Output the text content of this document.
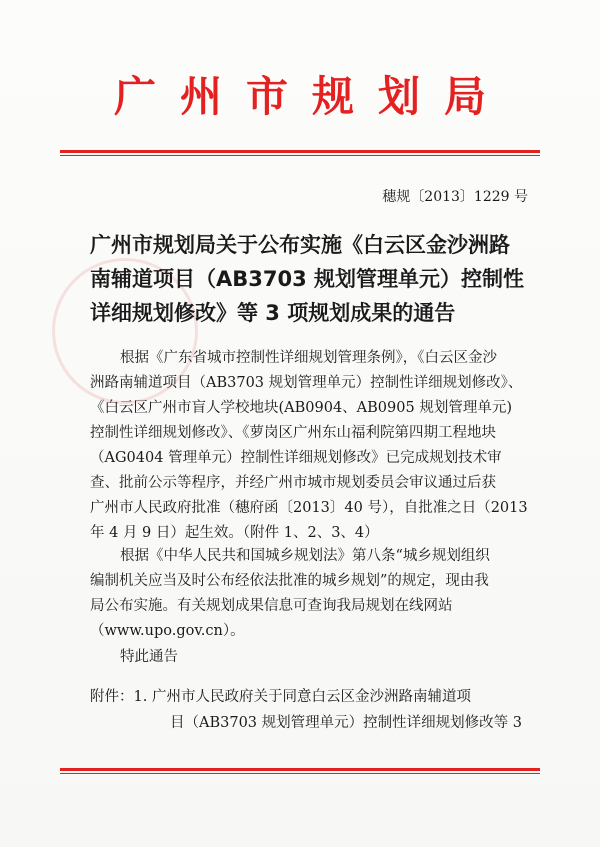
广州市规划局
穗规〔2013〕1229 号
广州市规划局关于公布实施《白云区金沙洲路
南辅道项目（AB3703 规划管理单元）控制性
详细规划修改》等 3 项规划成果的通告
根据《广东省城市控制性详细规划管理条例》，《白云区金沙
洲路南辅道项目（AB3703 规划管理单元）控制性详细规划修改》、
《白云区广州市盲人学校地块(AB0904、AB0905 规划管理单元)
控制性详细规划修改》、《萝岗区广州东山福利院第四期工程地块
（AG0404 管理单元）控制性详细规划修改》已完成规划技术审
查、批前公示等程序，并经广州市城市规划委员会审议通过后获
广州市人民政府批准（穗府函〔2013〕40 号），自批准之日（2013
年 4 月 9 日）起生效。（附件 1、2、3、4）
根据《中华人民共和国城乡规划法》第八条“城乡规划组织
编制机关应当及时公布经依法批准的城乡规划”的规定，现由我
局公布实施。有关规划成果信息可查询我局规划在线网站
（www.upo.gov.cn）。
特此通告
附件：1. 广州市人民政府关于同意白云区金沙洲路南辅道项
目（AB3703 规划管理单元）控制性详细规划修改等 3
